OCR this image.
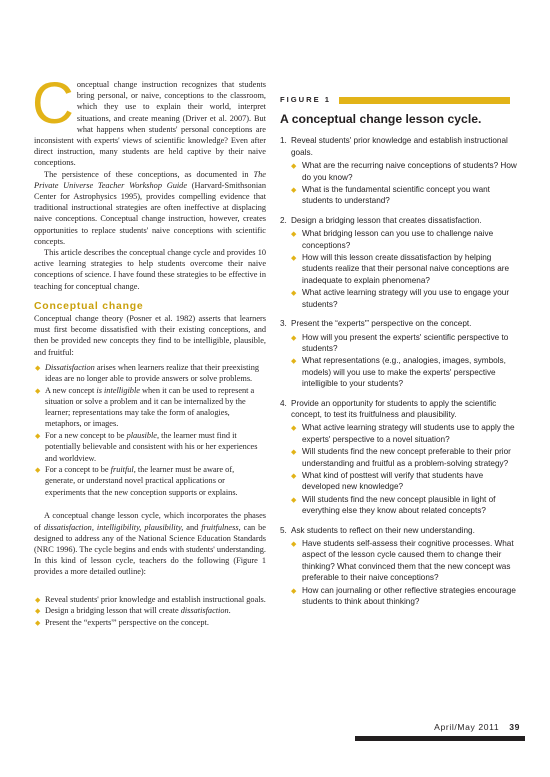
Conceptual change instruction recognizes that students bring personal, or naive, conceptions to the classroom, which they use to explain their world, interpret situations, and create meaning (Driver et al. 2007). But what happens when students' personal conceptions are inconsistent with experts' views of scientific knowledge? Even after direct instruction, many students are held captive by their naive conceptions.

The persistence of these conceptions, as documented in The Private Universe Teacher Workshop Guide (Harvard-Smithsonian Center for Astrophysics 1995), provides compelling evidence that traditional instructional strategies are often ineffective at displacing naive conceptions. Conceptual change instruction, however, creates opportunities to replace students' naive conceptions with scientific concepts.

This article describes the conceptual change cycle and provides 10 active learning strategies to help students overcome their naive conceptions of science. I have found these strategies to be effective in teaching for conceptual change.

Conceptual change

Conceptual change theory (Posner et al. 1982) asserts that learners must first become dissatisfied with their existing conceptions, and then be provided new concepts they find to be intelligible, plausible, and fruitful:

◆ Dissatisfaction arises when learners realize that their preexisting ideas are no longer able to provide answers or solve problems.
◆ A new concept is intelligible when it can be used to represent a situation or solve a problem and it can be internalized by the learner; representations may take the form of analogies, metaphors, or images.
◆ For a new concept to be plausible, the learner must find it potentially believable and consistent with his or her experiences and worldview.
◆ For a concept to be fruitful, the learner must be aware of, generate, or understand novel practical applications or experiments that the new conception supports or explains.

A conceptual change lesson cycle, which incorporates the phases of dissatisfaction, intelligibility, plausibility, and fruitfulness, can be designed to address any of the National Science Education Standards (NRC 1996). The cycle begins and ends with students' understanding. In this kind of lesson cycle, teachers do the following (Figure 1 provides a more detailed outline):

◆ Reveal students' prior knowledge and establish instructional goals.
◆ Design a bridging lesson that will create dissatisfaction.
◆ Present the “experts'” perspective on the concept.
FIGURE 1
A conceptual change lesson cycle.
1. Reveal students' prior knowledge and establish instructional goals.
◆ What are the recurring naive conceptions of students? How do you know?
◆ What is the fundamental scientific concept you want students to understand?
2. Design a bridging lesson that creates dissatisfaction.
◆ What bridging lesson can you use to challenge naive conceptions?
◆ How will this lesson create dissatisfaction by helping students realize that their personal naive conceptions are inadequate to explain phenomena?
◆ What active learning strategy will you use to engage your students?
3. Present the “experts'” perspective on the concept.
◆ How will you present the experts' scientific perspective to students?
◆ What representations (e.g., analogies, images, symbols, models) will you use to make the experts' perspective intelligible to your students?
4. Provide an opportunity for students to apply the scientific concept, to test its fruitfulness and plausibility.
◆ What active learning strategy will students use to apply the experts' perspective to a novel situation?
◆ Will students find the new concept preferable to their prior understanding and fruitful as a problem-solving strategy?
◆ What kind of posttest will verify that students have developed new knowledge?
◆ Will students find the new concept plausible in light of everything else they know about related concepts?
5. Ask students to reflect on their new understanding.
◆ Have students self-assess their cognitive processes. What aspect of the lesson cycle caused them to change their thinking? What convinced them that the new concept was preferable to their naive conceptions?
◆ How can journaling or other reflective strategies encourage students to think about thinking?
April/May 2011 39
